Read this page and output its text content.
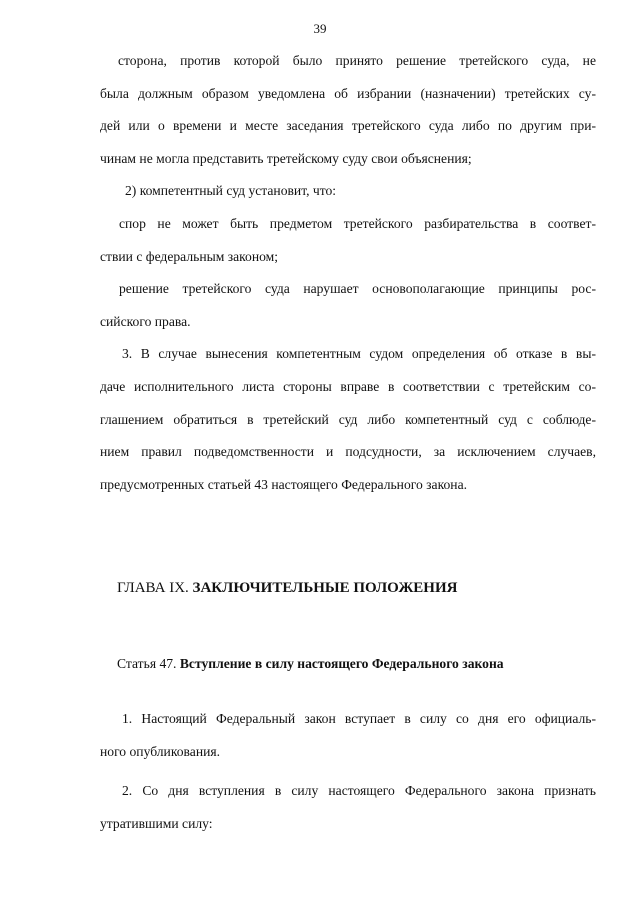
39
сторона, против которой было принято решение третейского суда, не
была должным образом уведомлена об избрании (назначении) третейских су-
дей или о времени и месте заседания третейского суда либо по другим при-
чинам не могла представить третейскому суду свои объяснения;
2) компетентный суд установит, что:
спор не может быть предметом третейского разбирательства в соответ-
ствии с федеральным законом;
решение третейского суда нарушает основополагающие принципы рос-
сийского права.
3. В случае вынесения компетентным судом определения об отказе в вы-
даче исполнительного листа стороны вправе в соответствии с третейским со-
глашением обратиться в третейский суд либо компетентный суд с соблюде-
нием правил подведомственности и подсудности, за исключением случаев,
предусмотренных статьей 43 настоящего Федерального закона.
ГЛАВА IX. ЗАКЛЮЧИТЕЛЬНЫЕ ПОЛОЖЕНИЯ
Статья 47. Вступление в силу настоящего Федерального закона
1. Настоящий Федеральный закон вступает в силу со дня его официаль-
ного опубликования.
2. Со дня вступления в силу настоящего Федерального закона признать
утратившими силу:
